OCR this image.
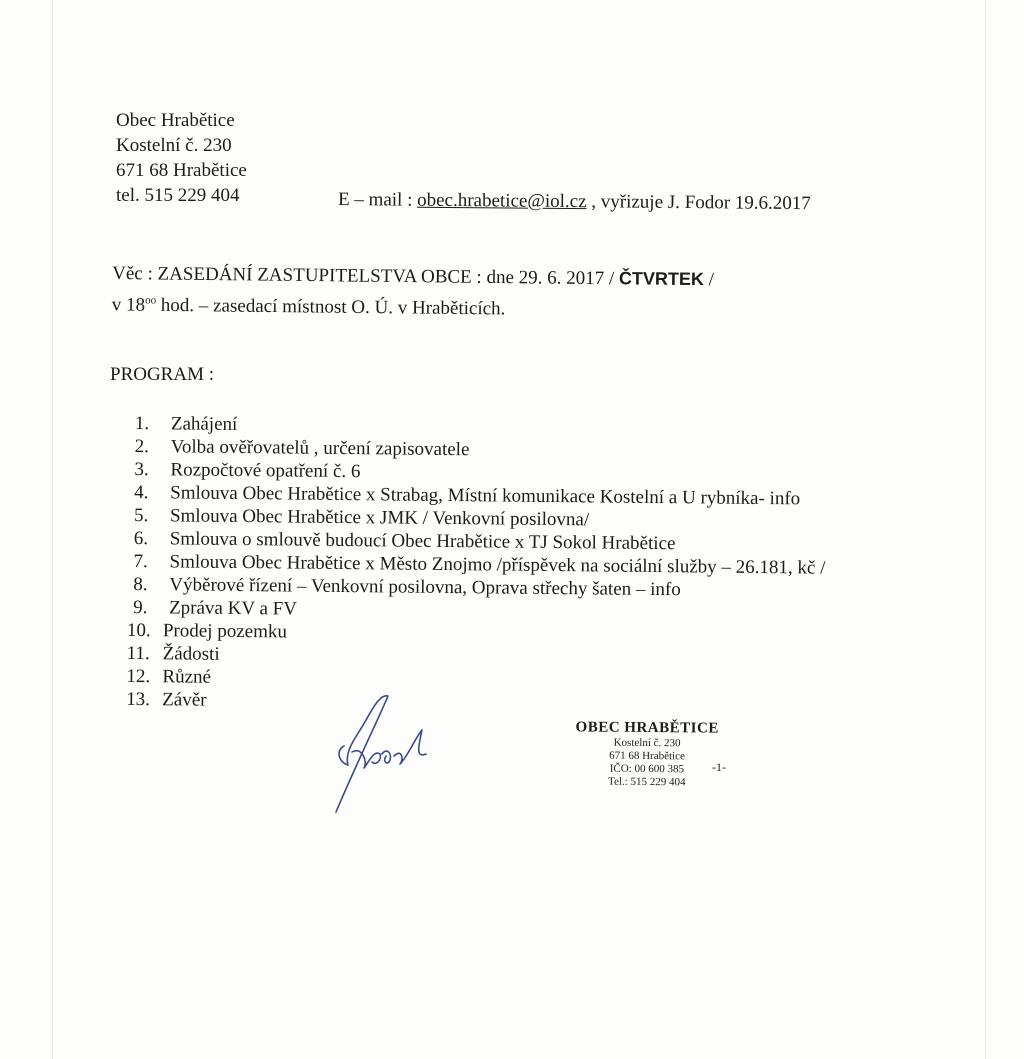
Obec Hrabětice
Kostelní č. 230
671 68 Hrabětice
tel. 515 229 404	E – mail : obec.hrabetice@iol.cz , vyřizuje J. Fodor 19.6.2017
Věc : ZASEDÁNÍ ZASTUPITELSTVA OBCE : dne 29. 6. 2017 / ČTVRTEK /
v $18^{oo}$ hod. – zasedací místnost O. Ú. v Hraběticích.
PROGRAM :
1. Zahájení
2. Volba ověřovatelů , určení zapisovatele
3. Rozpočtové opatření č. 6
4. Smlouva Obec Hrabětice x Strabag, Místní komunikace Kostelní a U rybníka- info
5. Smlouva Obec Hrabětice x JMK / Venkovní posilovna/
6. Smlouva o smlouvě budoucí Obec Hrabětice x TJ Sokol Hrabětice
7. Smlouva Obec Hrabětice x Město Znojmo /příspěvek na sociální služby – 26.181, kč /
8. Výběrové řízení – Venkovní posilovna, Oprava střechy šaten – info
9. Zpráva KV a FV
10. Prodej pozemku
11. Žádosti
12. Různé
13. Závěr
OBEC HRABĚTICE
Kostelní č. 230
671 68 Hrabětice
IČO: 00 600 385
Tel.: 515 229 404
-1-
